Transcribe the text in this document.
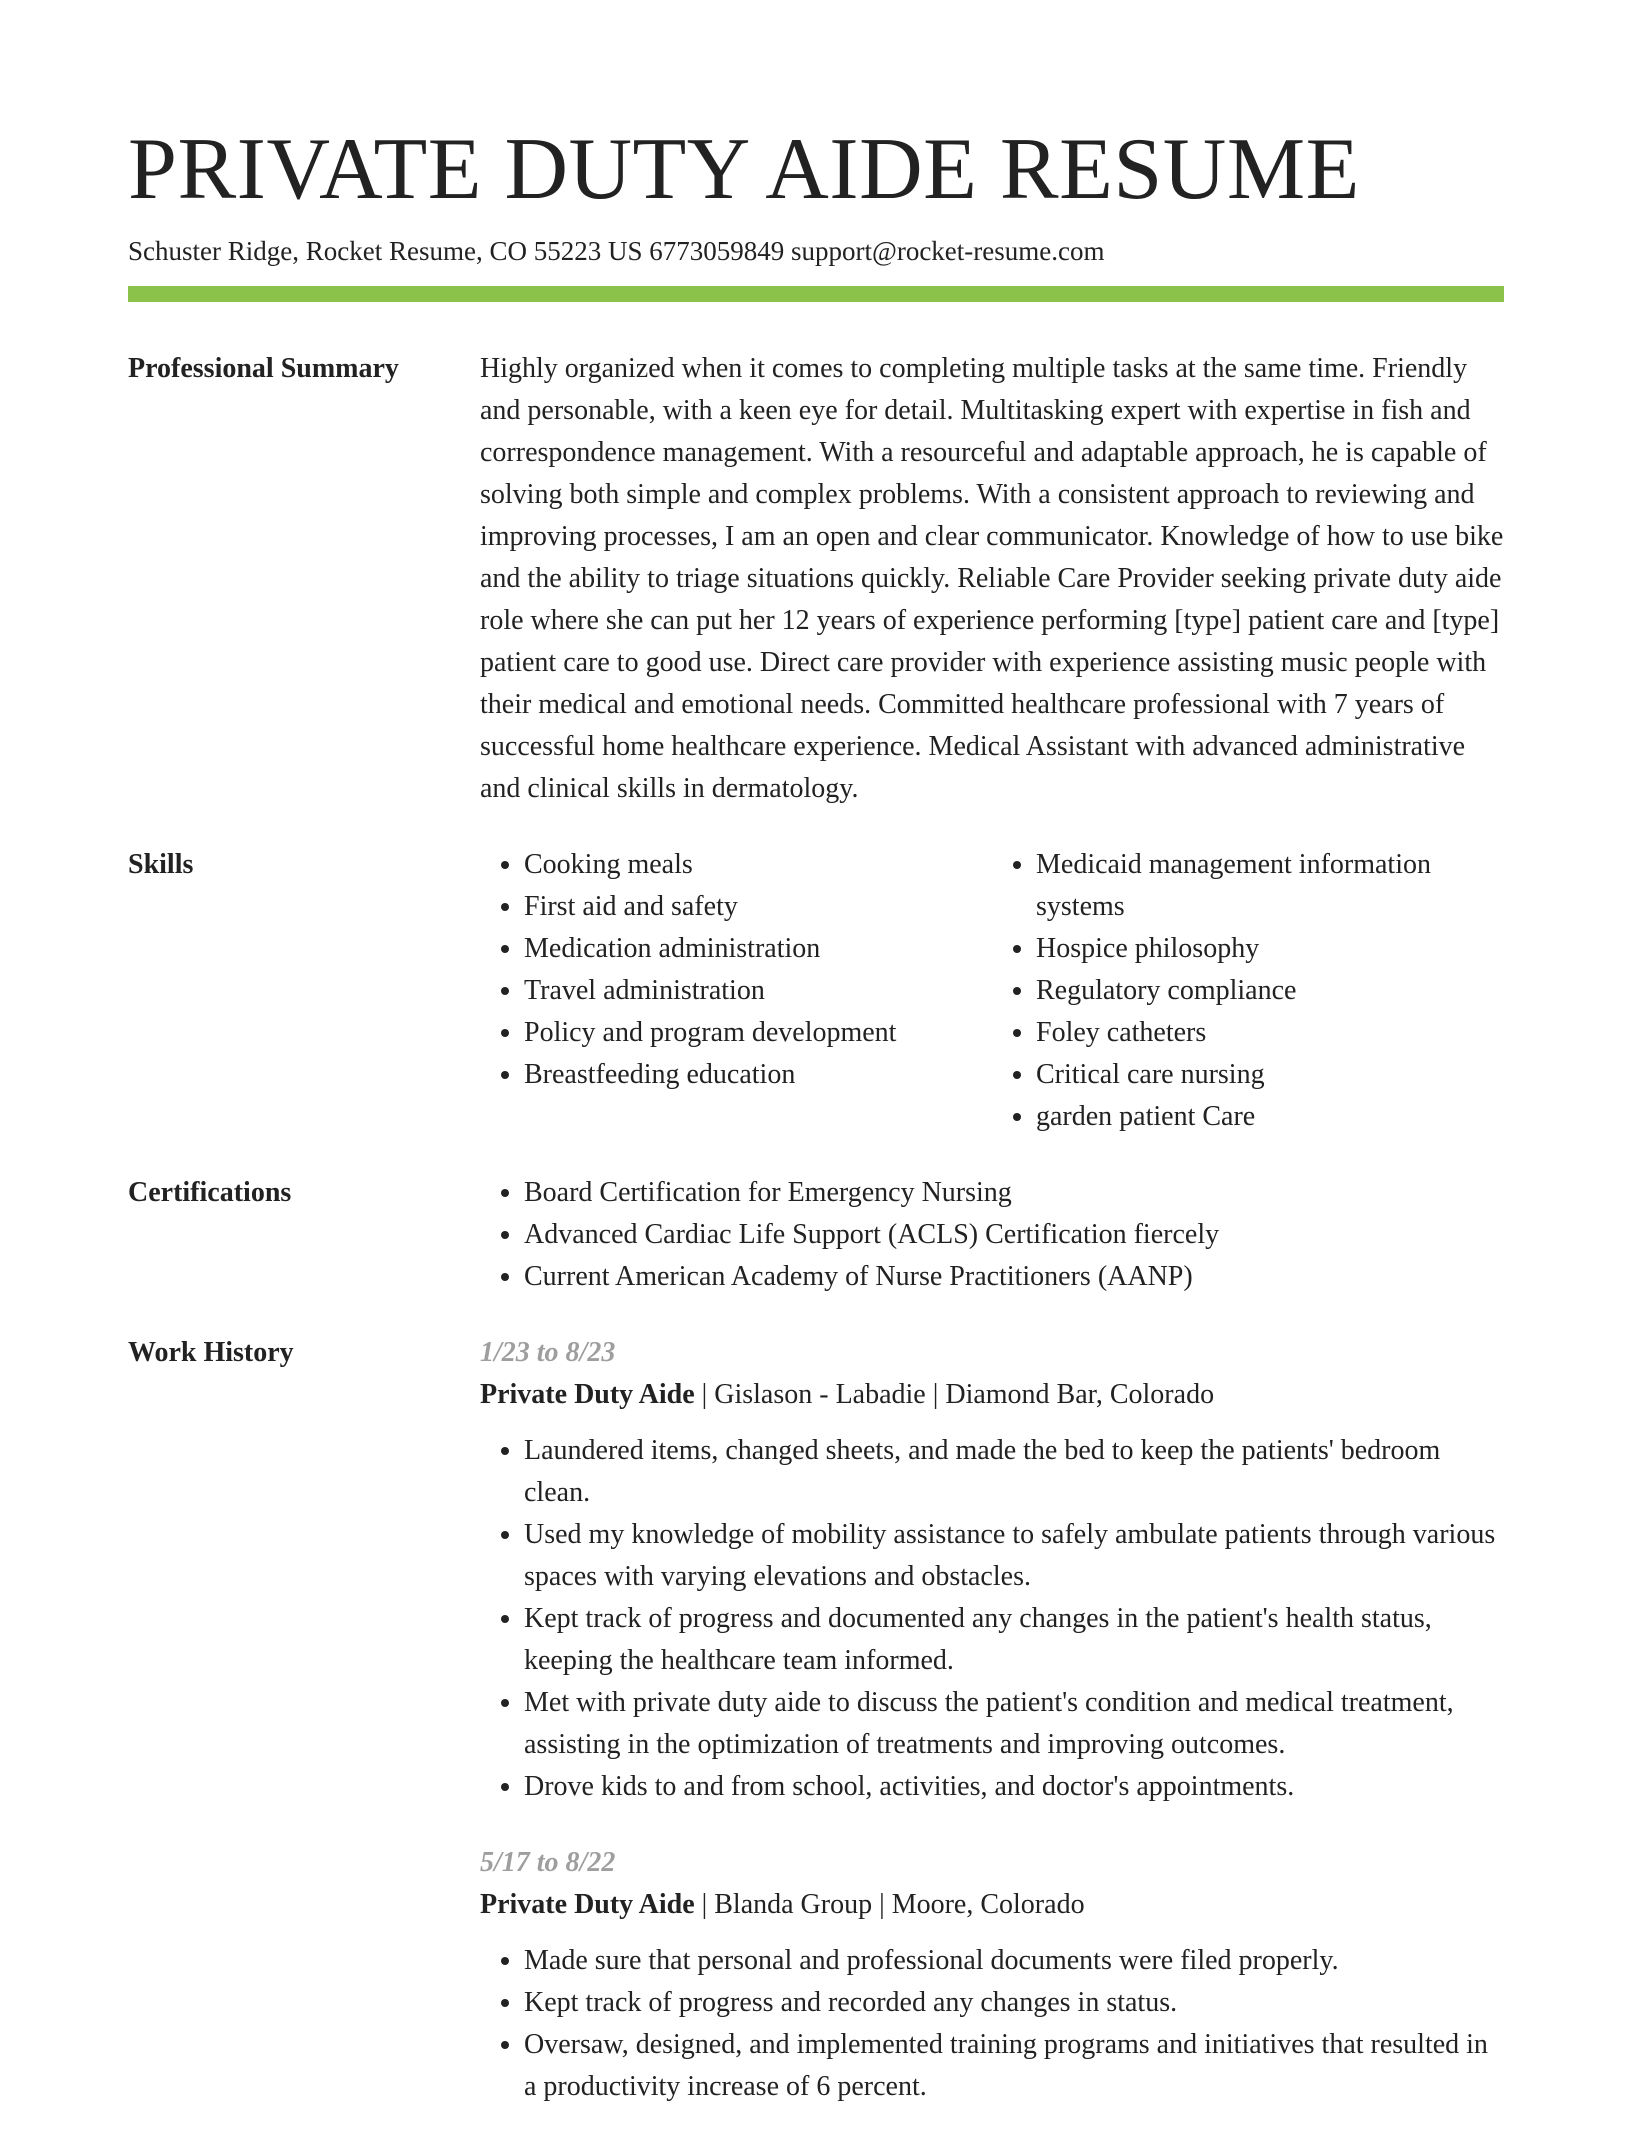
PRIVATE DUTY AIDE RESUME
Schuster Ridge, Rocket Resume, CO 55223 US 6773059849 support@rocket-resume.com
Professional Summary	Highly organized when it comes to completing multiple tasks at the same time. Friendly and personable, with a keen eye for detail. Multitasking expert with expertise in fish and correspondence management. With a resourceful and adaptable approach, he is capable of solving both simple and complex problems. With a consistent approach to reviewing and improving processes, I am an open and clear communicator. Knowledge of how to use bike and the ability to triage situations quickly. Reliable Care Provider seeking private duty aide role where she can put her 12 years of experience performing [type] patient care and [type] patient care to good use. Direct care provider with experience assisting music people with their medical and emotional needs. Committed healthcare professional with 7 years of successful home healthcare experience. Medical Assistant with advanced administrative and clinical skills in dermatology.

Skills	• Cooking meals
• First aid and safety
• Medication administration
• Travel administration
• Policy and program development
• Breastfeeding education
• Medicaid management information systems
• Hospice philosophy
• Regulatory compliance
• Foley catheters
• Critical care nursing
• garden patient Care
Certifications	• Board Certification for Emergency Nursing
• Advanced Cardiac Life Support (ACLS) Certification fiercely
• Current American Academy of Nurse Practitioners (AANP)
Work History	1/23 to 8/23
Private Duty Aide | Gislason - Labadie | Diamond Bar, Colorado
• Laundered items, changed sheets, and made the bed to keep the patients' bedroom clean.
• Used my knowledge of mobility assistance to safely ambulate patients through various spaces with varying elevations and obstacles.
• Kept track of progress and documented any changes in the patient's health status, keeping the healthcare team informed.
• Met with private duty aide to discuss the patient's condition and medical treatment, assisting in the optimization of treatments and improving outcomes.
• Drove kids to and from school, activities, and doctor's appointments.
5/17 to 8/22
Private Duty Aide | Blanda Group | Moore, Colorado
• Made sure that personal and professional documents were filed properly.
• Kept track of progress and recorded any changes in status.
• Oversaw, designed, and implemented training programs and initiatives that resulted in a productivity increase of 6 percent.
